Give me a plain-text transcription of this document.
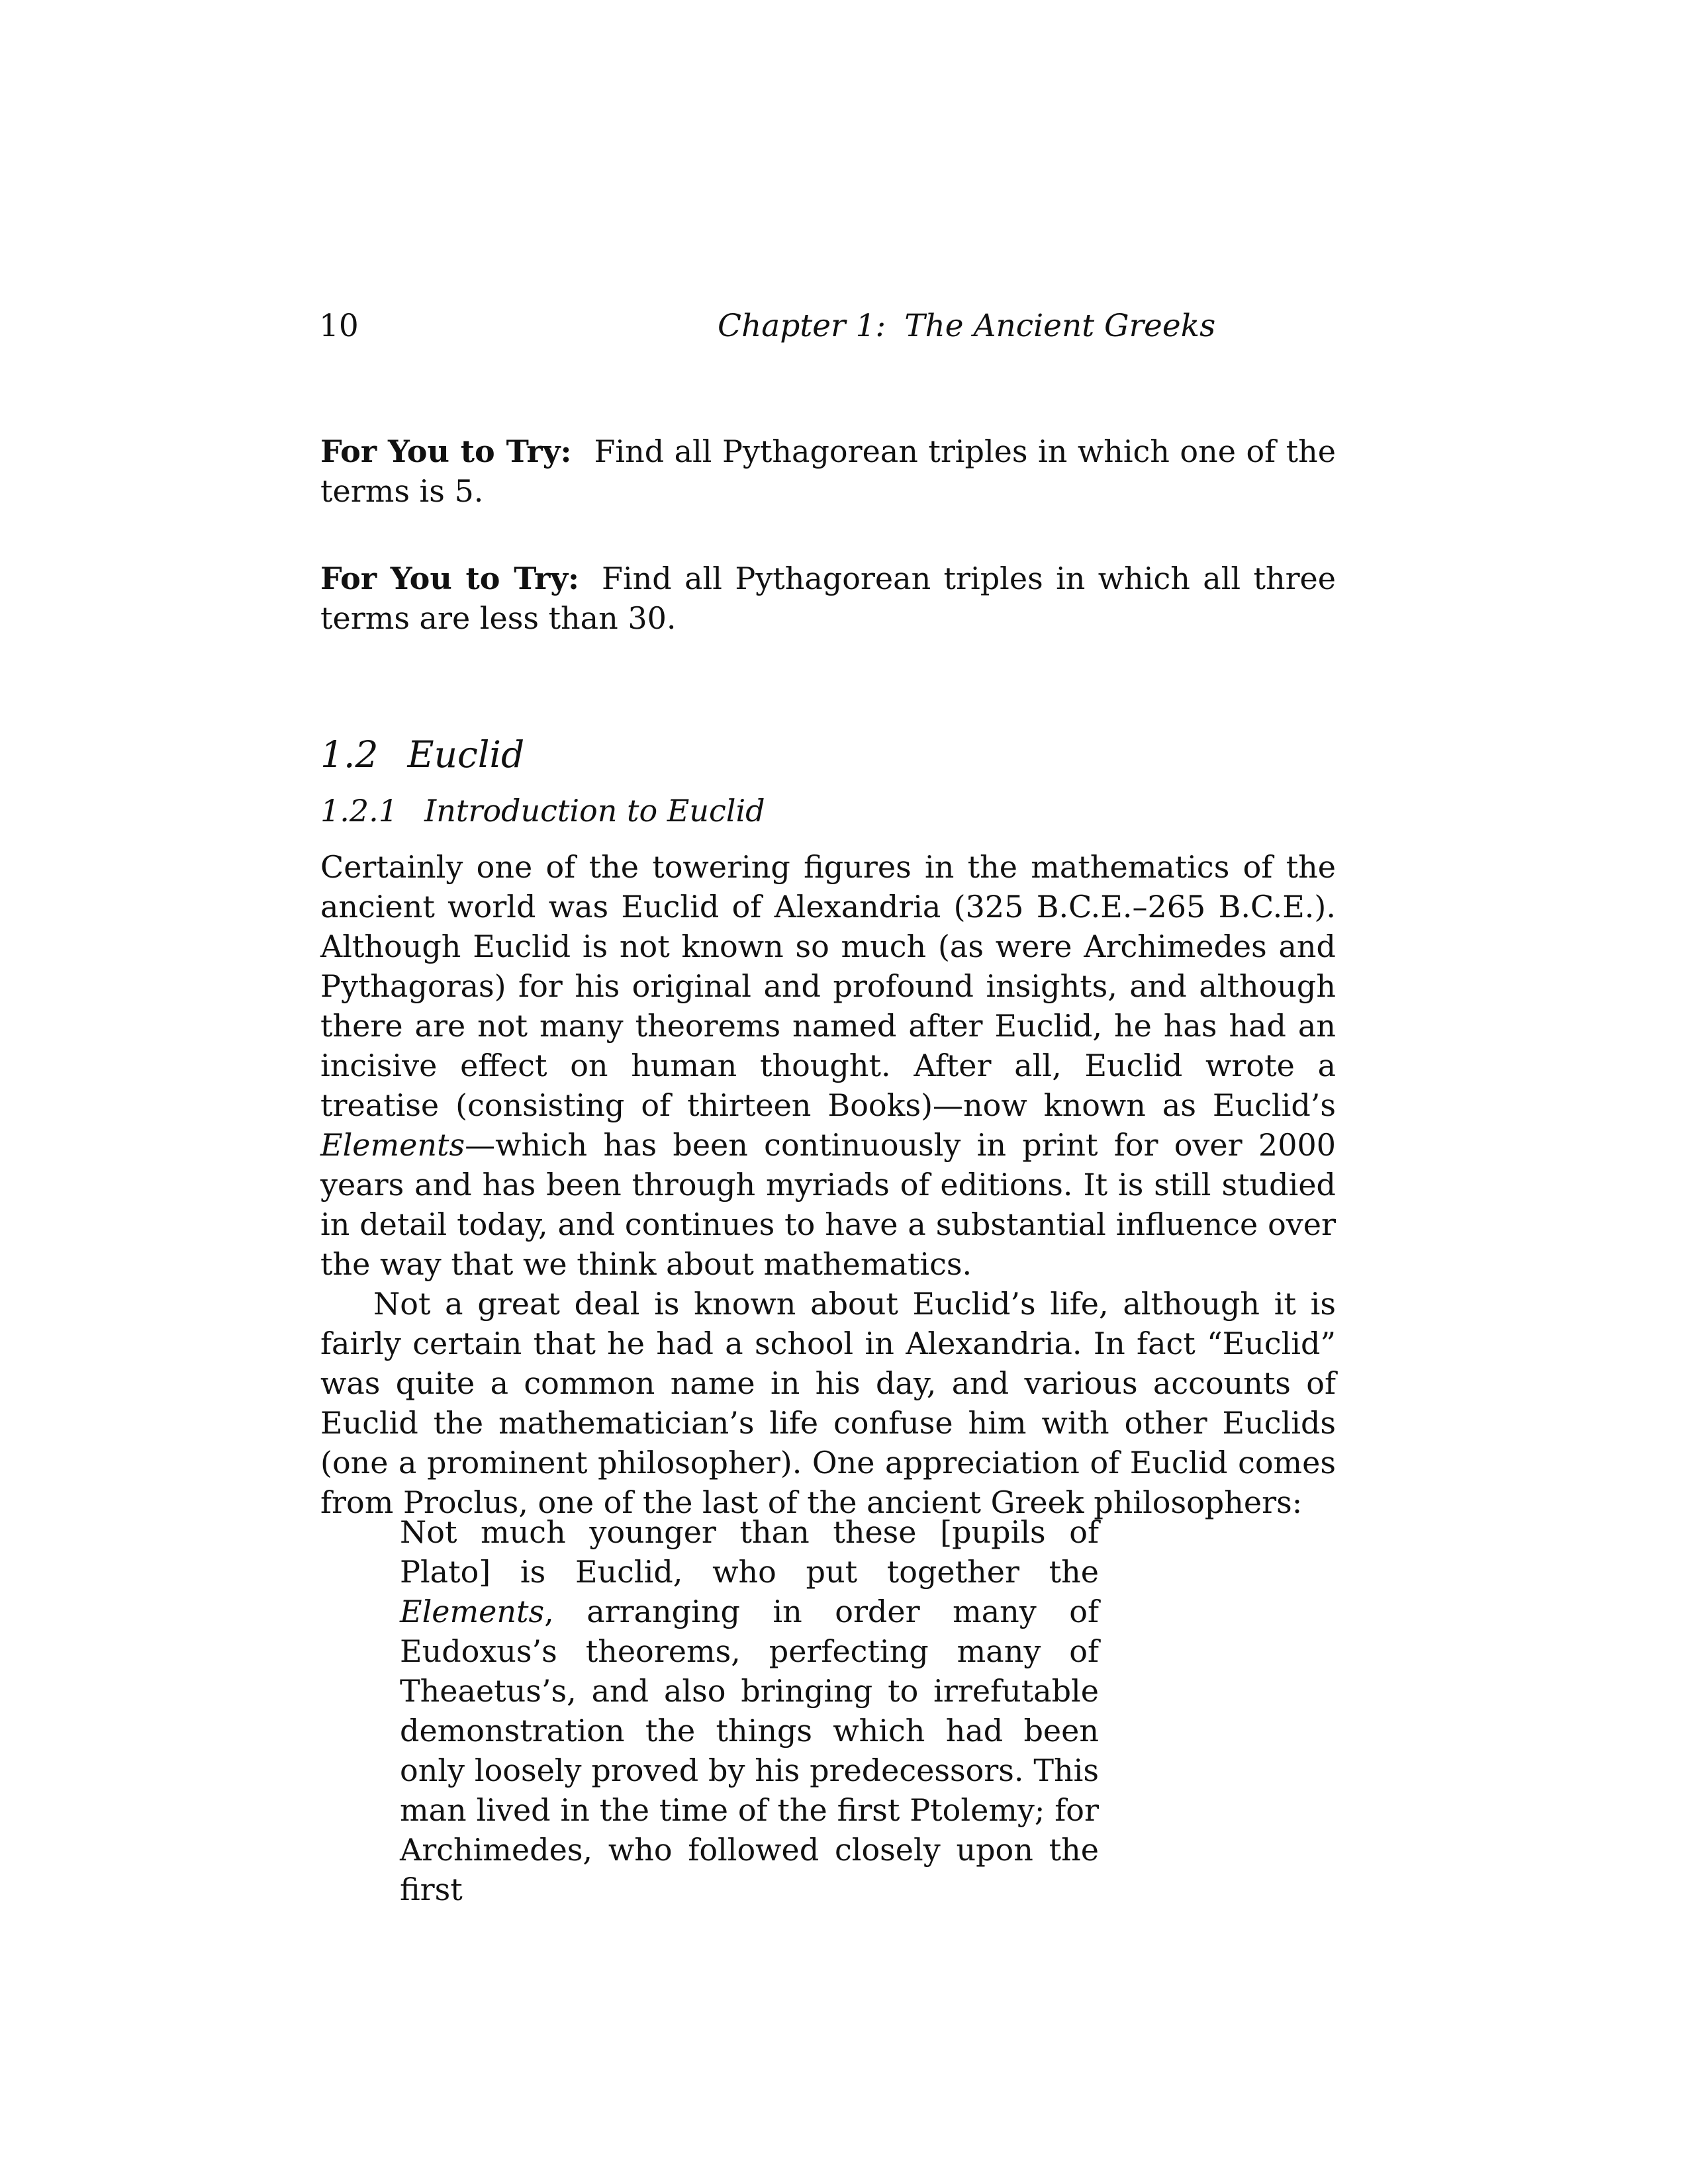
10	Chapter 1: The Ancient Greeks
For You to Try: Find all Pythagorean triples in which one of the terms is 5.
For You to Try: Find all Pythagorean triples in which all three terms are less than 30.
1.2 Euclid
1.2.1 Introduction to Euclid

Certainly one of the towering figures in the mathematics of the ancient world was Euclid of Alexandria (325 B.C.E.–265 B.C.E.). Although Euclid is not known so much (as were Archimedes and Pythagoras) for his original and profound insights, and although there are not many theorems named after Euclid, he has had an incisive effect on human thought. After all, Euclid wrote a treatise (consisting of thirteen Books)—now known as Euclid’s Elements—which has been continuously in print for over 2000 years and has been through myriads of editions. It is still studied in detail today, and continues to have a substantial influence over the way that we think about mathematics.

Not a great deal is known about Euclid’s life, although it is fairly certain that he had a school in Alexandria. In fact “Euclid” was quite a common name in his day, and various accounts of Euclid the mathematician’s life confuse him with other Euclids (one a prominent philosopher). One appreciation of Euclid comes from Proclus, one of the last of the ancient Greek philosophers:

Not much younger than these [pupils of Plato] is Euclid, who put together the Elements, arranging in order many of Eudoxus’s theorems, perfecting many of Theaetus’s, and also bringing to irrefutable demonstration the things which had been only loosely proved by his predecessors. This man lived in the time of the first Ptolemy; for Archimedes, who followed closely upon the first
